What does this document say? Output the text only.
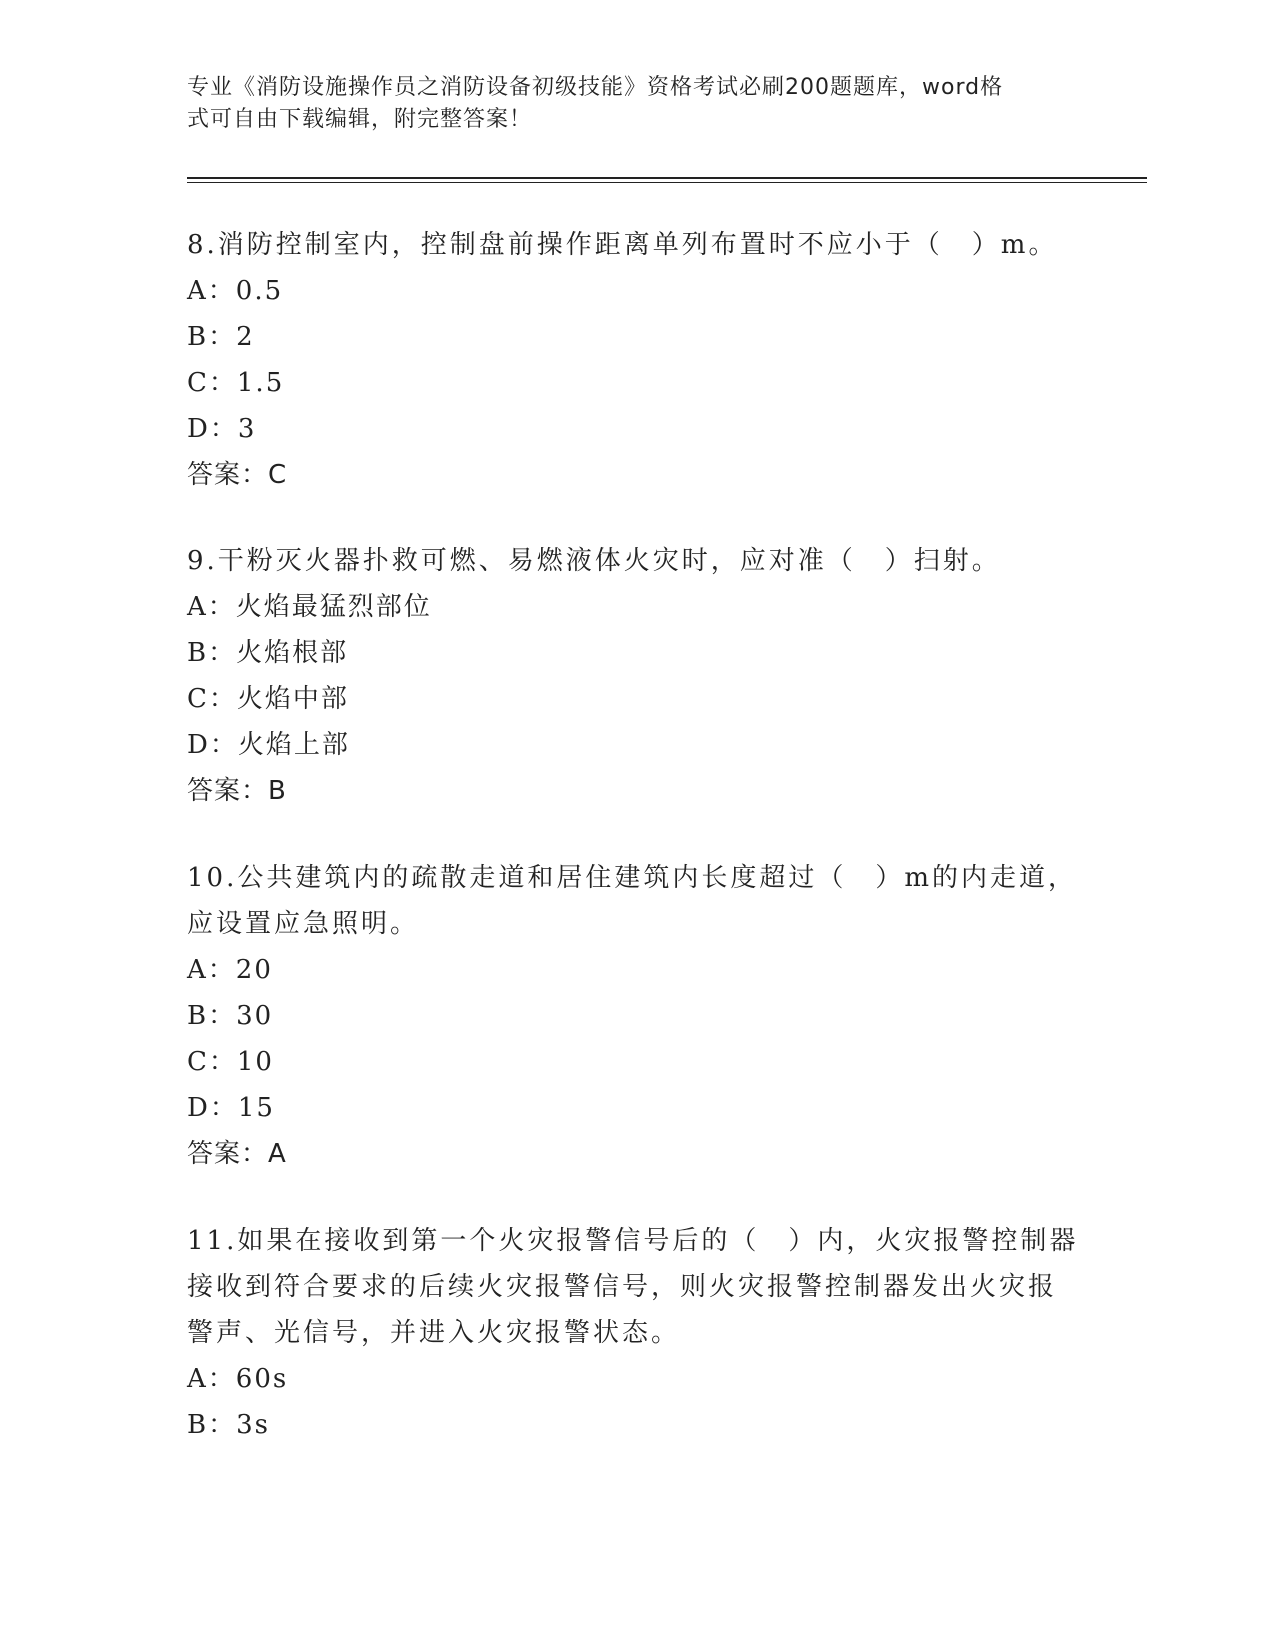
专业《消防设施操作员之消防设备初级技能》资格考试必刷200题题库，word格
式可自由下载编辑，附完整答案！

8.消防控制室内，控制盘前操作距离单列布置时不应小于（　）m。

A：0.5

B：2

C：1.5

D：3

答案：C

9.干粉灭火器扑救可燃、易燃液体火灾时，应对准（　）扫射。

A：火焰最猛烈部位

B：火焰根部

C：火焰中部

D：火焰上部

答案：B

10.公共建筑内的疏散走道和居住建筑内长度超过（　）m的内走道，

应设置应急照明。

A：20

B：30

C：10

D：15

答案：A

11.如果在接收到第一个火灾报警信号后的（　）内，火灾报警控制器

接收到符合要求的后续火灾报警信号，则火灾报警控制器发出火灾报

警声、光信号，并进入火灾报警状态。

A：60s

B：3s
